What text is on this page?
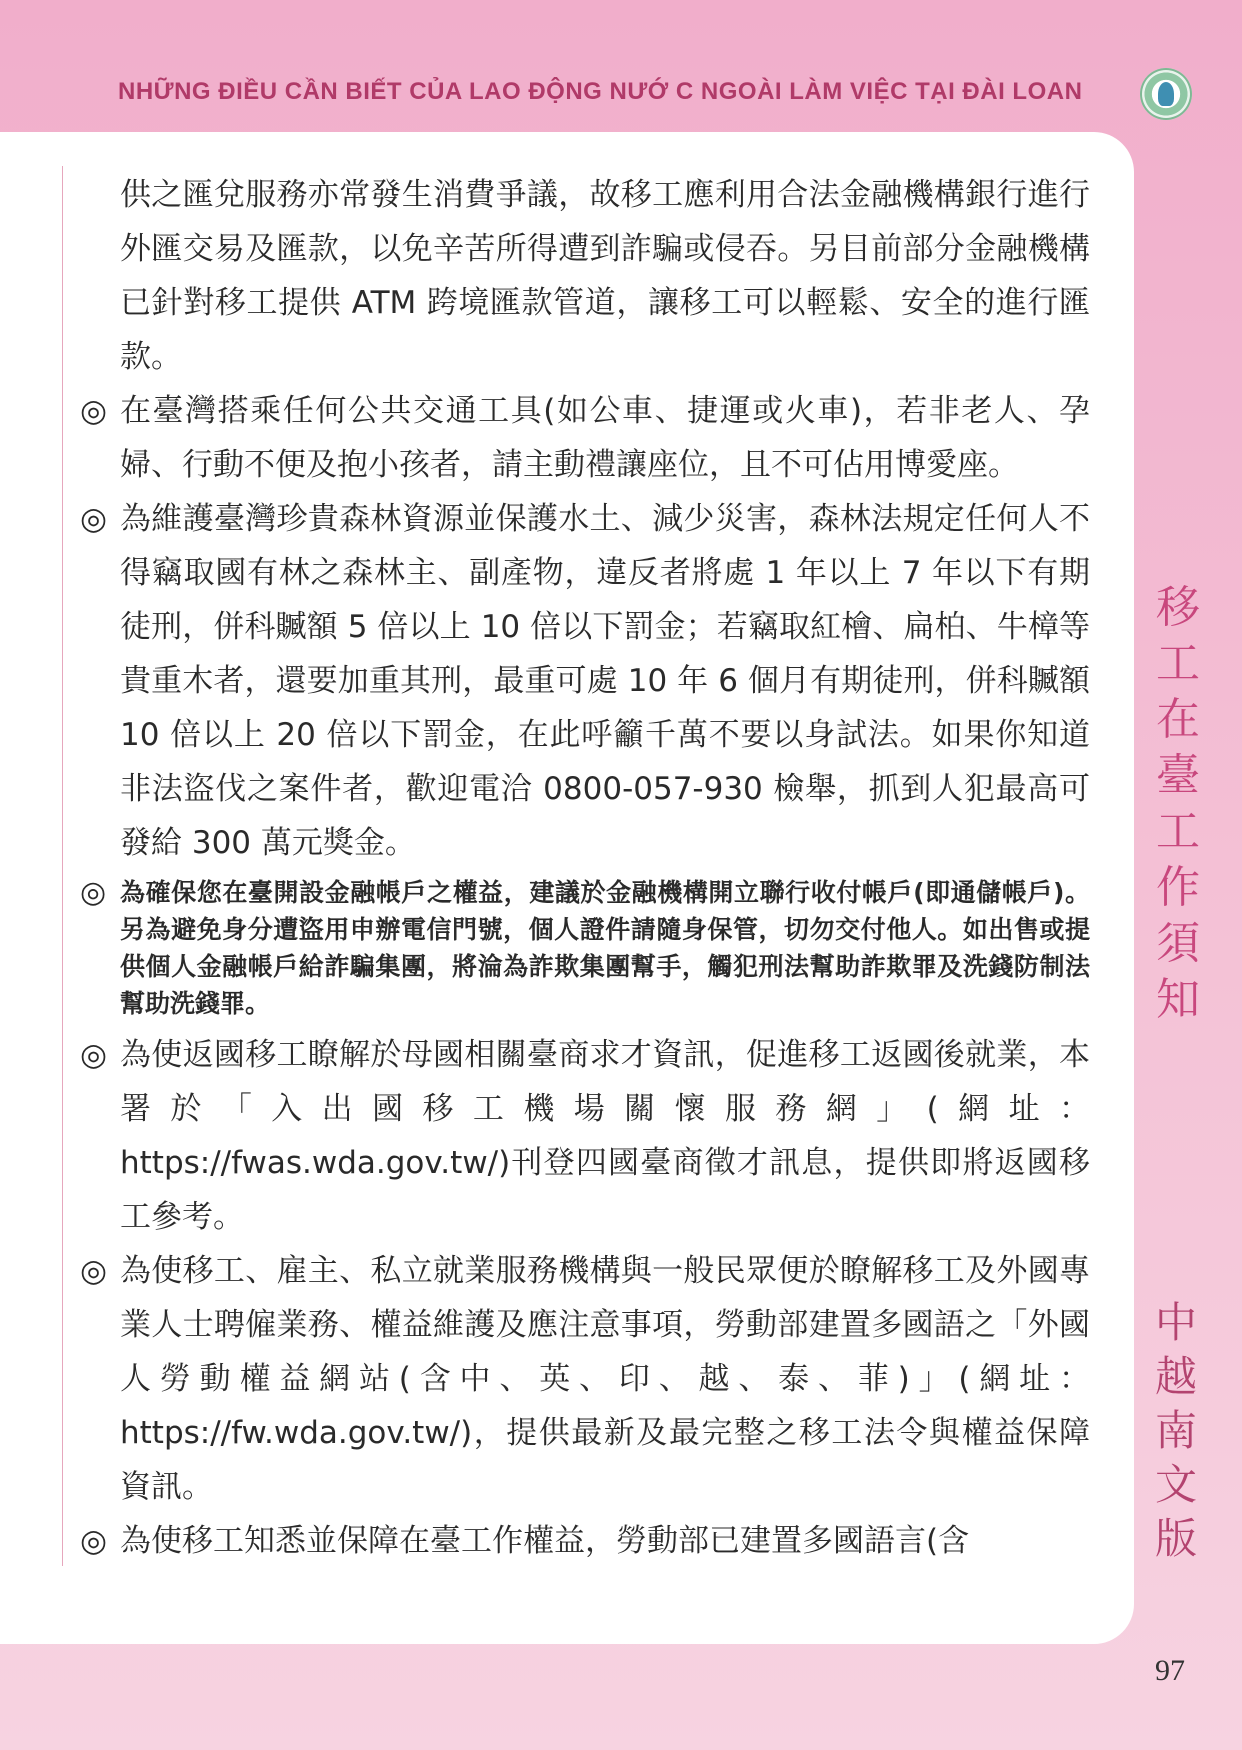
NHỮNG ĐIỀU CẦN BIẾT CỦA LAO ĐỘNG NƯỚ C NGOÀI LÀM VIỆC TẠI ĐÀI LOAN

供之匯兌服務亦常發生消費爭議，故移工應利用合法金融機構銀行進行外匯交易及匯款，以免辛苦所得遭到詐騙或侵吞。另目前部分金融機構已針對移工提供 ATM 跨境匯款管道，讓移工可以輕鬆、安全的進行匯款。

◎ 在臺灣搭乘任何公共交通工具(如公車、捷運或火車)，若非老人、孕婦、行動不便及抱小孩者，請主動禮讓座位，且不可佔用博愛座。

◎ 為維護臺灣珍貴森林資源並保護水土、減少災害，森林法規定任何人不得竊取國有林之森林主、副產物，違反者將處 1 年以上 7 年以下有期徒刑，併科贓額 5 倍以上 10 倍以下罰金；若竊取紅檜、扁柏、牛樟等貴重木者，還要加重其刑，最重可處 10 年 6 個月有期徒刑，併科贓額 10 倍以上 20 倍以下罰金，在此呼籲千萬不要以身試法。如果你知道非法盜伐之案件者，歡迎電洽 0800-057-930 檢舉，抓到人犯最高可發給 300 萬元獎金。

◎ 為確保您在臺開設金融帳戶之權益，建議於金融機構開立聯行收付帳戶(即通儲帳戶)。另為避免身分遭盜用申辦電信門號，個人證件請隨身保管，切勿交付他人。如出售或提供個人金融帳戶給詐騙集團，將淪為詐欺集團幫手，觸犯刑法幫助詐欺罪及洗錢防制法幫助洗錢罪。

◎ 為使返國移工瞭解於母國相關臺商求才資訊，促進移工返國後就業，本署於「入出國移工機場關懷服務網」(網址：https://fwas.wda.gov.tw/)刊登四國臺商徵才訊息，提供即將返國移工參考。

◎ 為使移工、雇主、私立就業服務機構與一般民眾便於瞭解移工及外國專業人士聘僱業務、權益維護及應注意事項，勞動部建置多國語之「外國人勞動權益網站(含中、英、印、越、泰、菲)」(網址：https://fw.wda.gov.tw/)，提供最新及最完整之移工法令與權益保障資訊。

◎ 為使移工知悉並保障在臺工作權益，勞動部已建置多國語言(含

移工在臺工作須知
中越南文版
97
